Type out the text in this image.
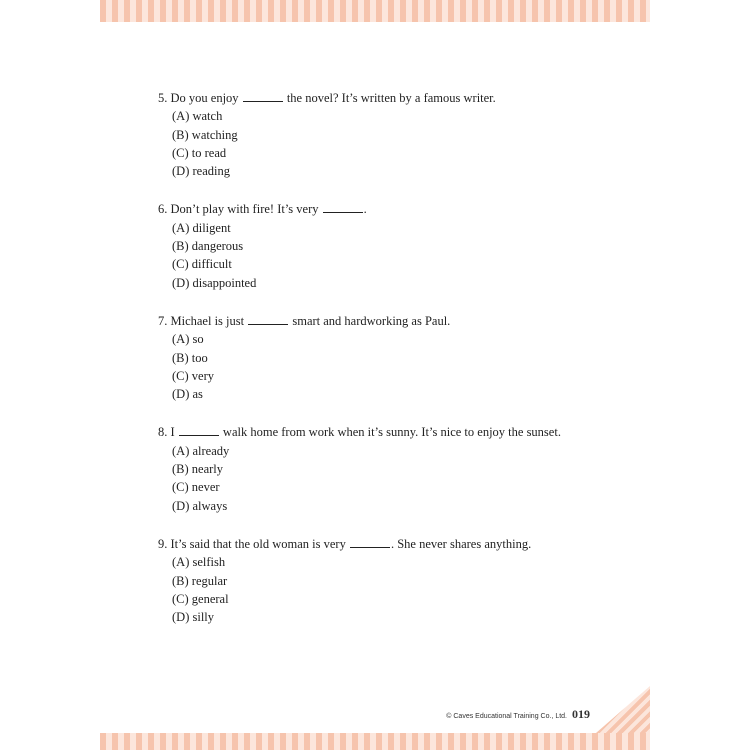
5. Do you enjoy	the novel? It’s written by a famous writer.
(A) watch
(B) watching
(C) to read
(D) reading
6. Don’t play with fire! It’s very	.
(A) diligent
(B) dangerous
(C) difficult
(D) disappointed
7. Michael is just	smart and hardworking as Paul.
(A) so
(B) too
(C) very
(D) as
8. I	walk home from work when it’s sunny. It’s nice to enjoy the sunset.
(A) already
(B) nearly
(C) never
(D) always
9. It’s said that the old woman is very	. She never shares anything.
(A) selfish
(B) regular
(C) general
(D) silly
© Caves Educational Training Co., Ltd. 019
